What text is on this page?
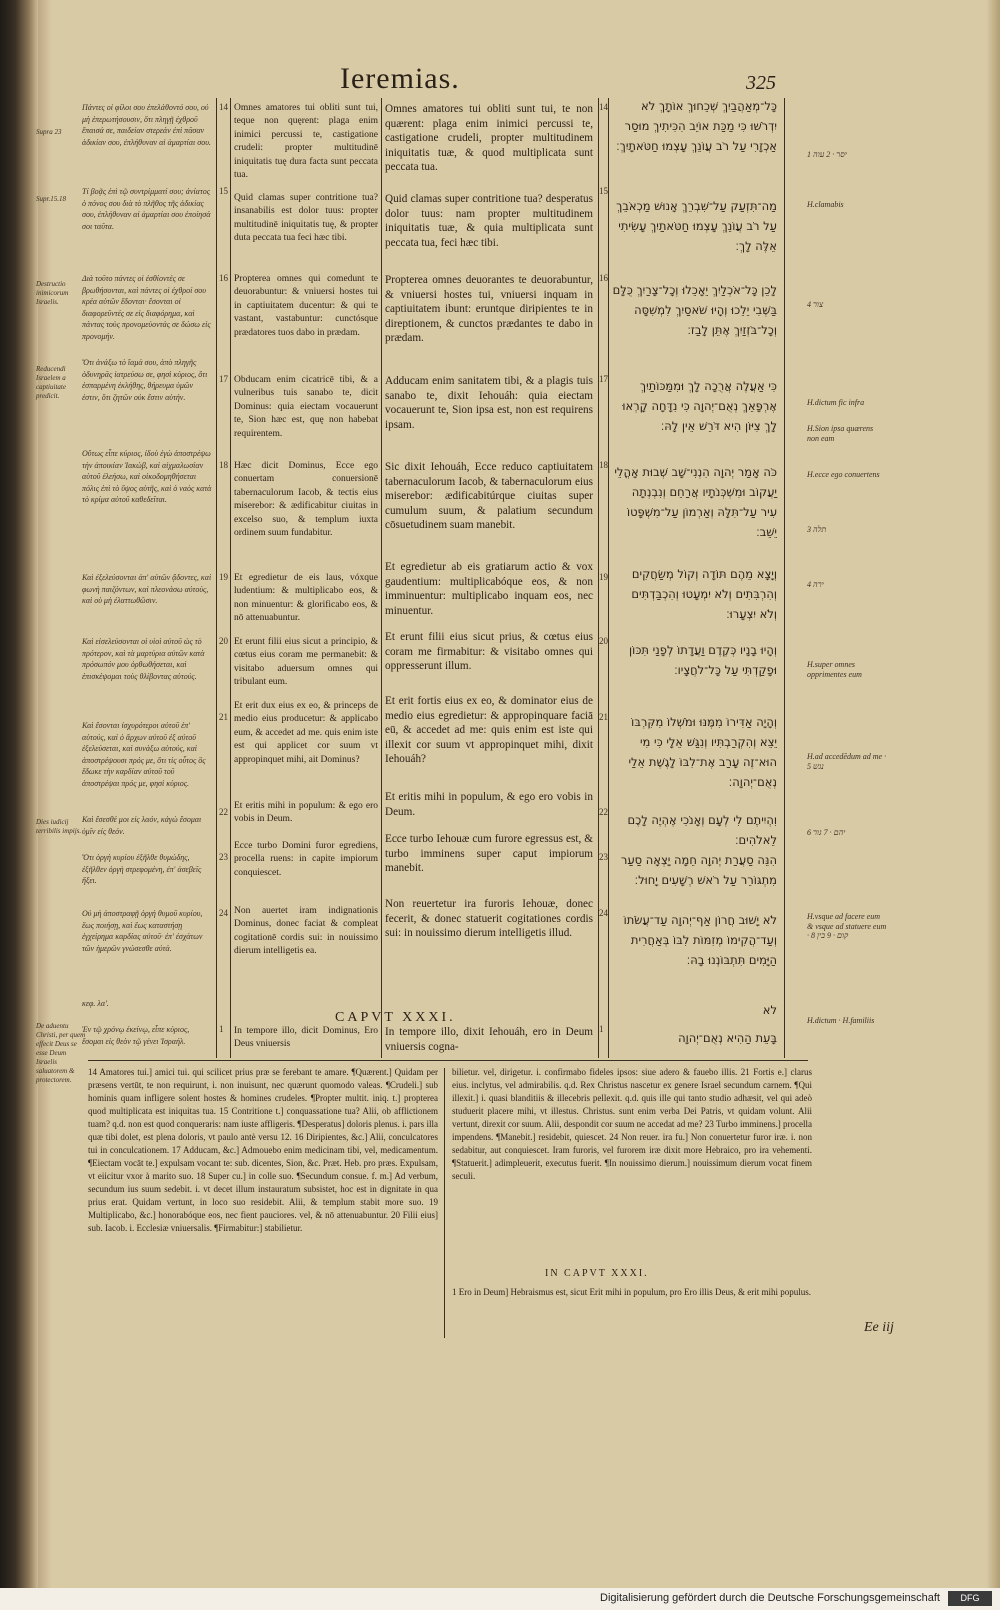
Ieremias.	325
Πάντες οἱ φίλοι σου ἐπελάθοντό σου, οὐ μὴ ἐπερωτήσουσιν, ὅτι πληγῇ ἐχθροῦ ἔπαισά σε, παιδείαν στερεάν ἐπὶ πᾶσαν ἀδικίαν σου, ἐπλήθυναν αἱ ἁμαρτίαι σου.
Τί βοᾷς ἐπὶ τῷ συντρίμματί σου; ἀνίατος ὁ πόνος σου διὰ τὸ πλῆθος τῆς ἀδικίας σου, ἐπλήθυναν αἱ ἁμαρτίαι σου ἐποίησά σοι ταῦτα.
Διὰ τοῦτο πάντες οἱ ἐσθίοντές σε βρωθήσονται, καὶ πάντες οἱ ἐχθροί σου κρέα αὐτῶν ἔδονται· ἔσονται οἱ διαφορεῦντές σε εἰς διαφόρημα, καὶ πάντας τοὺς προνομεύοντάς σε δώσω εἰς προνομήν.
Ὅτι ἀνάξω τὸ ἴαμά σου, ἀπὸ πληγῆς ὀδυνηρᾶς ἰατρεύσω σε, φησὶ κύριος, ὅτι ἐσπαρμένη ἐκλήθης, θήρευμα ὑμῶν ἐστιν, ὅτι ζητῶν οὐκ ἔστιν αὐτήν.
Οὕτως εἶπε κύριος, ἰδοὺ ἐγὼ ἀποστρέψω τὴν ἀποικίαν Ἰακώβ, καὶ αἰχμαλωσίαν αὐτοῦ ἐλεήσω, καὶ οἰκοδομηθήσεται πόλις ἐπὶ τὸ ὕψος αὐτῆς, καὶ ὁ ναὸς κατὰ τὸ κρίμα αὐτοῦ καθεδεῖται.
Καὶ ἐξελεύσονται ἀπ' αὐτῶν ᾄδοντες, καὶ φωνὴ παιζόντων, καὶ πλεονάσω αὐτούς, καὶ οὐ μὴ ἐλαττωθῶσιν.
Καὶ εἰσελεύσονται οἱ υἱοὶ αὐτοῦ ὡς τὸ πρότερον, καὶ τὰ μαρτύρια αὐτῶν κατὰ πρόσωπόν μου ὀρθωθήσεται, καὶ ἐπισκέψομαι τοὺς θλίβοντας αὐτούς.
Καὶ ἔσονται ἰσχυρότεροι αὐτοῦ ἐπ' αὐτούς, καὶ ὁ ἄρχων αὐτοῦ ἐξ αὐτοῦ ἐξελεύσεται, καὶ συνάξω αὐτούς, καὶ ἀποστρέψουσι πρός με, ὅτι τίς οὗτος ὃς ἔδωκε τὴν καρδίαν αὐτοῦ τοῦ ἀποστρέψαι πρός με, φησὶ κύριος.
Καὶ ἔσεσθέ μοι εἰς λαόν, κἀγὼ ἔσομαι ὑμῖν εἰς θεόν.
Ὅτι ὀργὴ κυρίου ἐξῆλθε θυμώδης, ἐξῆλθεν ὀργὴ στρεφομένη, ἐπ' ἀσεβεῖς ἥξει.
Οὐ μὴ ἀποστραφῇ ὀργὴ θυμοῦ κυρίου, ἕως ποιήσῃ, καὶ ἕως καταστήσῃ ἐγχείρημα καρδίας αὐτοῦ· ἐπ' ἐσχάτων τῶν ἡμερῶν γνώσεσθε αὐτά.
κεφ. λα'.
Ἐν τῷ χρόνῳ ἐκείνῳ, εἶπε κύριος, ἔσομαι εἰς θεὸν τῷ γένει Ἰσραήλ.
Supra 23
Supr.15.18
Destructio inimicorum Israelis.
Reducendi Israelem a captiuitate predicit.
Dies iudicij terribilis impijs.
De aduentu Christi, per quem effecit Deus se esse Deum Israelis saluatorem & protectorem.
14
14
15
15
16
16
17
17
18
18
19
19
20
20
21
21
22
22
23
23
24
24
1
1
Omnes amatores tui obliti sunt tui, teque non quęrent: plaga enim inimici percussi te, castigatione crudeli: propter multitudinē iniquitatis tuę dura facta sunt peccata tua.
Quid clamas super contritione tua? insanabilis est dolor tuus: propter multitudinē iniquitatis tuę, & propter duta peccata tua feci hæc tibi.
Propterea omnes qui comedunt te deuorabuntur: & vniuersi hostes tui in captiuitatem ducentur: & qui te vastant, vastabuntur: cunctósque prædatores tuos dabo in prædam.
Obducam enim cicatricē tibi, & a vulneribus tuis sanabo te, dicit Dominus: quia eiectam vocauerunt te, Sion hæc est, quę non habebat requirentem.
Hæc dicit Dominus, Ecce ego conuertam conuersionē tabernaculorum Iacob, & tectis eius miserebor: & ædificabitur ciuitas in excelso suo, & templum iuxta ordinem suum fundabitur.
Et egredietur de eis laus, vóxque ludentium: & multiplicabo eos, & non minuentur: & glorificabo eos, & nō attenuabuntur.
Et erunt filii eius sicut a principio, & cœtus eius coram me permanebit: & visitabo aduersum omnes qui tribulant eum.
Et erit dux eius ex eo, & princeps de medio eius producetur: & applicabo eum, & accedet ad me. quis enim iste est qui applicet cor suum vt appropinquet mihi, ait Dominus?
Et eritis mihi in populum: & ego ero vobis in Deum.
Ecce turbo Domini furor egrediens, procella ruens: in capite impiorum conquiescet.
Non auertet iram indignationis Dominus, donec faciat & compleat cogitationē cordis sui: in nouissimo dierum intelligetis ea.
Omnes amatores tui obliti sunt tui, te non quærent: plaga enim inimici percussi te, castigatione crudeli, propter multitudinem iniquitatis tuæ, & quod multiplicata sunt peccata tua.
Quid clamas super contritione tua? desperatus dolor tuus: nam propter multitudinem iniquitatis tuæ, & quia multiplicata sunt peccata tua, feci hæc tibi.
Propterea omnes deuorantes te deuorabuntur, & vniuersi hostes tui, vniuersi inquam in captiuitatem ibunt: eruntque diripientes te in direptionem, & cunctos prædantes te dabo in prædam.
Adducam enim sanitatem tibi, & a plagis tuis sanabo te, dixit Iehouáh: quia eiectam vocauerunt te, Sion ipsa est, non est requirens ipsam.
Sic dixit Iehouáh, Ecce reduco captiuitatem tabernaculorum Iacob, & tabernaculorum eius miserebor: ædificabitúrque ciuitas super cumulum suum, & palatium secundum cōsuetudinem suam manebit.
Et egredietur ab eis gratiarum actio & vox gaudentium: multiplicabóque eos, & non imminuentur: multiplicabo inquam eos, nec minuentur.
Et erunt filii eius sicut prius, & cœtus eius coram me firmabitur: & visitabo omnes qui oppresserunt illum.
Et erit fortis eius ex eo, & dominator eius de medio eius egredietur: & appropinquare faciā eū, & accedet ad me: quis enim est iste qui illexit cor suum vt appropinquet mihi, dixit Iehouáh?
Et eritis mihi in populum, & ego ero vobis in Deum.
Ecce turbo Iehouæ cum furore egressus est, & turbo imminens super caput impiorum manebit.
Non reuertetur ira furoris Iehouæ, donec fecerit, & donec statuerit cogitationes cordis sui: in nouissimo dierum intelligetis illud.
כָּל־מְאַהֲבַיִךְ שְׁכֵחוּךְ אוֹתָךְ לֹא יִדְרֹשׁוּ כִּי מַכַּת אוֹיֵב הִכִּיתִיךְ מוּסַר אַכְזָרִי עַל רֹב עֲוֹנֵךְ עָצְמוּ חַטֹּאתָיִךְ׃
מַה־תִּזְעַק עַל־שִׁבְרֵךְ אָנוּשׁ מַכְאֹבֵךְ עַל רֹב עֲוֹנֵךְ עָצְמוּ חַטֹּאתַיִךְ עָשִׂיתִי אֵלֶּה לָךְ׃
לָכֵן כָּל־אֹכְלַיִךְ יֵאָכֵלוּ וְכָל־צָרַיִךְ כֻּלָּם בַּשְּׁבִי יֵלֵכוּ וְהָיוּ שֹׁאסַיִךְ לִמְשִׁסָּה וְכָל־בֹּזְזַיִךְ אֶתֵּן לָבַז׃
כִּי אַעֲלֶה אֲרֻכָה לָךְ וּמִמַּכּוֹתַיִךְ אֶרְפָּאֵךְ נְאֻם־יְהוָה כִּי נִדָּחָה קָרְאוּ לָךְ צִיּוֹן הִיא דֹּרֵשׁ אֵין לָהּ׃
כֹּה אָמַר יְהוָה הִנְנִי־שָׁב שְׁבוּת אָהֳלֵי יַעֲקוֹב וּמִשְׁכְּנֹתָיו אֲרַחֵם וְנִבְנְתָה עִיר עַל־תִּלָּהּ וְאַרְמוֹן עַל־מִשְׁפָּטוֹ יֵשֵׁב׃
וְיָצָא מֵהֶם תּוֹדָה וְקוֹל מְשַׂחֲקִים וְהִרְבִּתִים וְלֹא יִמְעָטוּ וְהִכְבַּדְתִּים וְלֹא יִצְעָרוּ׃
וְהָיוּ בָנָיו כְּקֶדֶם וַעֲדָתוֹ לְפָנַי תִּכּוֹן וּפָקַדְתִּי עַל כָּל־לֹחֲצָיו׃
וְהָיָה אַדִּירוֹ מִמֶּנּוּ וּמֹשְׁלוֹ מִקִּרְבּוֹ יֵצֵא וְהִקְרַבְתִּיו וְנִגַּשׁ אֵלָי כִּי מִי הוּא־זֶה עָרַב אֶת־לִבּוֹ לָגֶשֶׁת אֵלַי נְאֻם־יְהוָה׃
וִהְיִיתֶם לִי לְעָם וְאָנֹכִי אֶהְיֶה לָכֶם לֵאלֹהִים׃
הִנֵּה סַעֲרַת יְהוָה חֵמָה יָצְאָה סַעַר מִתְגּוֹרֵר עַל רֹאשׁ רְשָׁעִים יָחוּל׃
לֹא יָשׁוּב חֲרוֹן אַף־יְהוָה עַד־עֲשֹׂתוֹ וְעַד־הֲקִימוֹ מְזִמּוֹת לִבּוֹ בְּאַחֲרִית הַיָּמִים תִּתְבּוֹנְנוּ בָהּ׃
לא
בָּעֵת הַהִיא נְאֻם־יְהוָה
1 יסר · 2 עוה
H.clamabis
4 צור
H.dictum fic infra
H.Sion ipsa quærens non eam
H.ecce ego conuertens
3 תלה
4 ירה
H.super omnes opprimentes eum
H.ad accedēdum ad me · 5 נגש
6 יהם · 7 גור
H.vsque ad facere eum & vsque ad statuere eum · 8 קום · 9 בין
H.dictum · H.familiis
CAPVT XXXI.
In tempore illo, dicit Dominus, Ero Deus vniuersis
In tempore illo, dixit Iehouáh, ero in Deum vniuersis cogna-
14 Amatores tui.] amici tui. qui scilicet prius præ se ferebant te amare. ¶Quærent.] Quidam per præsens vertūt, te non requirunt, i. non inuisunt, nec quærunt quomodo valeas. ¶Crudeli.] sub hominis quam infligere solent hostes & homines crudeles. ¶Propter multit. iniq. t.] propterea quod multiplicata est iniquitas tua. 15 Contritione t.] conquassatione tua? Alii, ob afflictionem tuam? q.d. non est quod conqueraris: nam iuste affligeris. ¶Desperatus] doloris plenus. i. pars illa quæ tibi dolet, est plena doloris, vt paulo antè versu 12. 16 Diripientes, &c.] Alii, conculcatores tui in conculcationem. 17 Adducam, &c.] Admouebo enim medicinam tibi, vel, medicamentum. ¶Eiectam vocāt te.] expulsam vocant te: sub. dicentes, Sion, &c. Præt. Heb. pro præs. Expulsam, vt eiicitur vxor à marito suo. 18 Super cu.] in colle suo. ¶Secundum consue. f. m.] Ad verbum, secundum ius suum sedebit. i. vt decet illum instauratum subsistet, hoc est in dignitate in qua prius erat. Quidam vertunt, in loco suo residebit. Alii, & templum stabit more suo. 19 Multiplicabo, &c.] honorabóque eos, nec fient pauciores. vel, & nō attenuabuntur. 20 Filii eius] sub. Iacob. i. Ecclesiæ vniuersalis. ¶Firmabitur:] stabilietur.
bilietur. vel, dirigetur. i. confirmabo fideles ipsos: siue adero & fauebo illis. 21 Fortis e.] clarus eius. inclytus, vel admirabilis. q.d. Rex Christus nascetur ex genere Israel secundum carnem. ¶Qui illexit.] i. quasi blanditiis & illecebris pellexit. q.d. quis ille qui tanto studio adhæsit, vel qui adeò studuerit placere mihi, vt illestus. Christus. sunt enim verba Dei Patris, vt quidam volunt. Alii vertunt, direxit cor suum. Alii, despondit cor suum ne accedat ad me? 23 Turbo imminens.] procella impendens. ¶Manebit.] residebit, quiescet. 24 Non reuer. ira fu.] Non conuertetur furor iræ. i. non sedabitur, aut conquiescet. Iram furoris, vel furorem iræ dixit more Hebraico, pro ira vehementi. ¶Statuerit.] adimpleuerit, executus fuerit. ¶In nouissimo dierum.] nouissimum dierum vocat finem seculi.
IN CAPVT XXXI.
1 Ero in Deum] Hebraismus est, sicut Erit mihi in populum, pro Ero illis Deus, & erit mihi populus.
Ee iij
Digitalisierung gefördert durch die Deutsche Forschungsgemeinschaft	DFG
